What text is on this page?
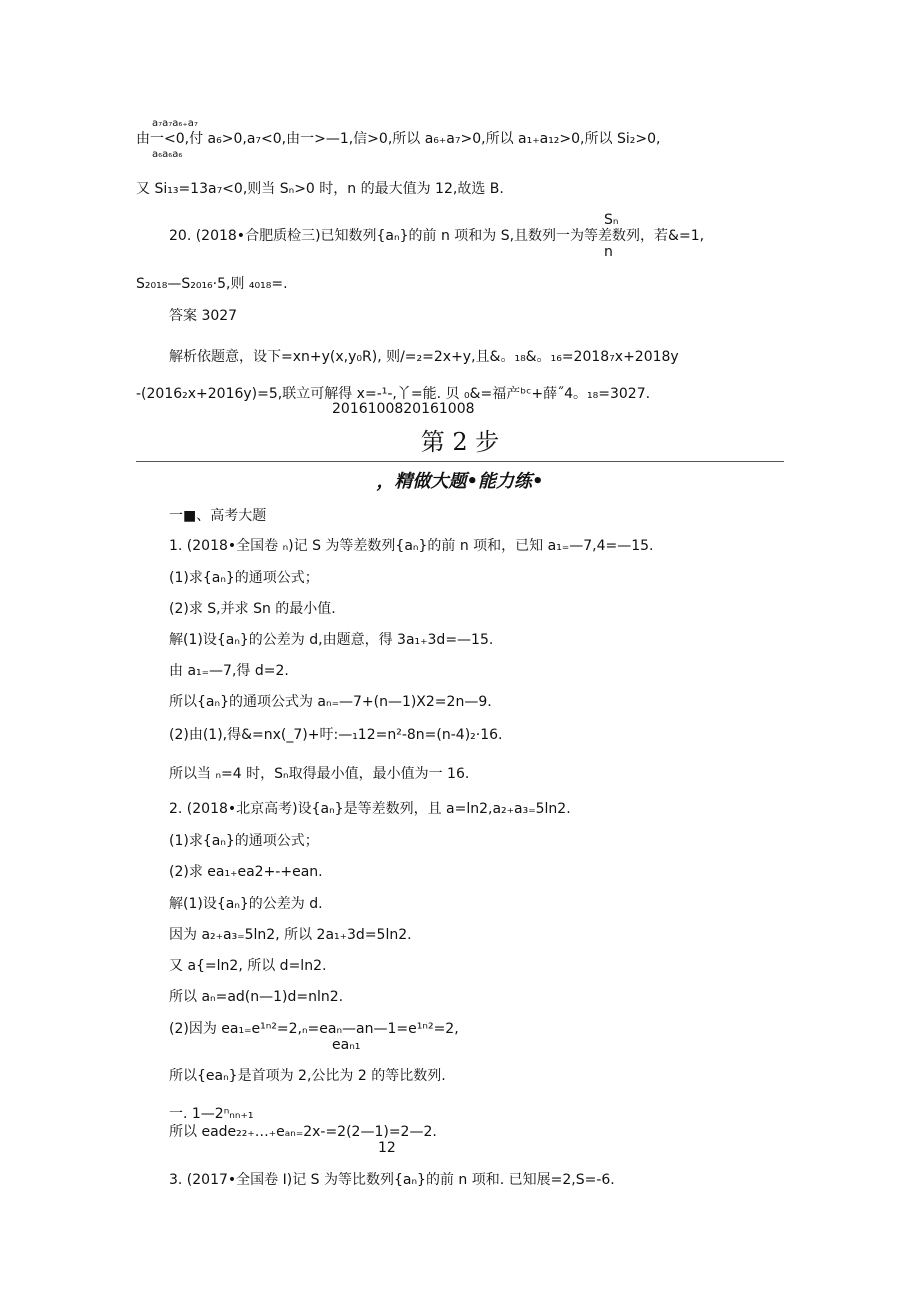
第 2 步
，精做大题•能力练•
a₇a₇a₆₊a₇
由一<0,付 a₆>0,a₇<0,由一>—1,信>0,所以 a₆₊a₇>0,所以 a₁₊a₁₂>0,所以 Si₂>0,
a₆a₆a₆
又 Si₁₃=13a₇<0,则当 Sₙ>0 时，n 的最大值为 12,故选 B.
Sₙ
20. (2018•合肥质检三)已知数列{aₙ}的前 n 项和为 S,且数列一为等差数列，若&=1,
n
S₂₀₁₈—S₂₀₁₆·5,则 ₄₀₁₈=.
答案 3027
解析依题意，设下=xn+y(x,y₀R), 则/=₂=2x+y,且&。₁₈&。₁₆=2018₇x+2018y
-(2016₂x+2016y)=5,联立可解得 x=-¹-,丫=能. 贝 ₀&=福产ᵇᶜ+薛˝4。₁₈=3027.
2016100820161008
一■、高考大题
1. (2018•全国卷 ₙ)记 S 为等差数列{aₙ}的前 n 项和，已知 a₁₌—7,4=—15.
(1)求{aₙ}的通项公式；
(2)求 S,并求 Sn 的最小值.
解(1)设{aₙ}的公差为 d,由题意，得 3a₁₊3d=—15.
由 a₁₌—7,得 d=2.
所以{aₙ}的通项公式为 aₙ₌—7+(n—1)X2=2n—9.
(2)由(1),得&=nx(_7)+吁:—₁12=n²-8n=(n-4)₂·16.
所以当 ₙ=4 时，Sₙ取得最小值，最小值为一 16.
2. (2018•北京高考)设{aₙ}是等差数列，且 a=ln2,a₂₊a₃₌5ln2.
(1)求{aₙ}的通项公式；
(2)求 ea₁₊ea2+-+ean.
解(1)设{aₙ}的公差为 d.
因为 a₂₊a₃₌5ln2, 所以 2a₁₊3d=5ln2.
又 a{=ln2, 所以 d=ln2.
所以 aₙ=ad(n—1)d=nln2.
(2)因为 ea₁₌e¹ⁿ²=2,ₙ=eaₙ—an—1=e¹ⁿ²=2,
eaₙ₁
所以{eaₙ}是首项为 2,公比为 2 的等比数列.
一. 1—2ⁿₙₙ₊₁
所以 eade₂₂₊…₊eₐₙ₌2x-=2(2—1)=2—2.
12
3. (2017•全国卷 I)记 S 为等比数列{aₙ}的前 n 项和. 已知展=2,S=-6.
